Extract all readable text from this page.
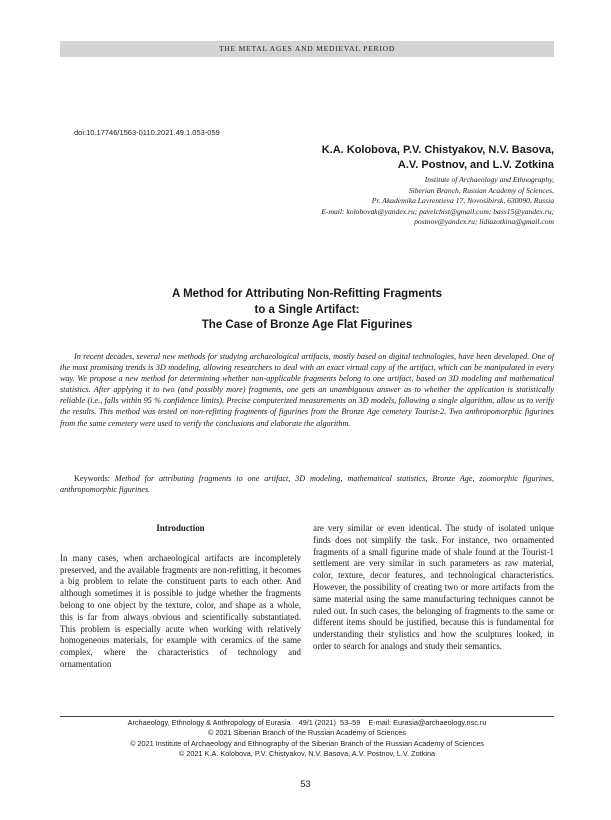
THE METAL AGES AND MEDIEVAL PERIOD
doi:10.17746/1563-0110.2021.49.1.053-059
K.A. Kolobova, P.V. Chistyakov, N.V. Basova,
A.V. Postnov, and L.V. Zotkina
Institute of Archaeology and Ethnography,
Siberian Branch, Russian Academy of Sciences,
Pr. Akademika Lavrentieva 17, Novosibirsk, 630090, Russia
E-mail: kolobovak@yandex.ru; pavelchist@gmail.com; bass15@yandex.ru;
postnov@yandex.ru; lidiazotkina@gmail.com
A Method for Attributing Non-Refitting Fragments
to a Single Artifact:
The Case of Bronze Age Flat Figurines

In recent decades, several new methods for studying archaeological artifacts, mostly based on digital technologies, have been developed. One of the most promising trends is 3D modeling, allowing researchers to deal with an exact virtual copy of the artifact, which can be manipulated in every way. We propose a new method for determining whether non-applicable fragments belong to one artifact, based on 3D modeling and mathematical statistics. After applying it to two (and possibly more) fragments, one gets an unambiguous answer as to whether the application is statistically reliable (i.e., falls within 95 % confidence limits). Precise computerized measurements on 3D models, following a single algorithm, allow us to verify the results. This method was tested on non-refitting fragments of figurines from the Bronze Age cemetery Tourist-2. Two anthropomorphic figurines from the same cemetery were used to verify the conclusions and elaborate the algorithm.

Keywords: Method for attributing fragments to one artifact, 3D modeling, mathematical statistics, Bronze Age, zoomorphic figurines, anthropomorphic figurines.

Introduction

In many cases, when archaeological artifacts are incompletely preserved, and the available fragments are non-refitting, it becomes a big problem to relate the constituent parts to each other. And although sometimes it is possible to judge whether the fragments belong to one object by the texture, color, and shape as a whole, this is far from always obvious and scientifically substantiated. This problem is especially acute when working with relatively homogeneous materials, for example with ceramics of the same complex, where the characteristics of technology and ornamentation

are very similar or even identical. The study of isolated unique finds does not simplify the task. For instance, two ornamented fragments of a small figurine made of shale found at the Tourist-1 settlement are very similar in such parameters as raw material, color, texture, decor features, and technological characteristics. However, the possibility of creating two or more artifacts from the same material using the same manufacturing techniques cannot be ruled out. In such cases, the belonging of fragments to the same or different items should be justified, because this is fundamental for understanding their stylistics and how the sculptures looked, in order to search for analogs and study their semantics.

Archaeology, Ethnology & Anthropology of Eurasia    49/1 (2021)  53–59    E-mail: Eurasia@archaeology.nsc.ru
© 2021 Siberian Branch of the Russian Academy of Sciences
© 2021 Institute of Archaeology and Ethnography of the Siberian Branch of the Russian Academy of Sciences
© 2021 K.A. Kolobova, P.V. Chistyakov, N.V. Basova, A.V. Postnov, L.V. Zotkina
53
